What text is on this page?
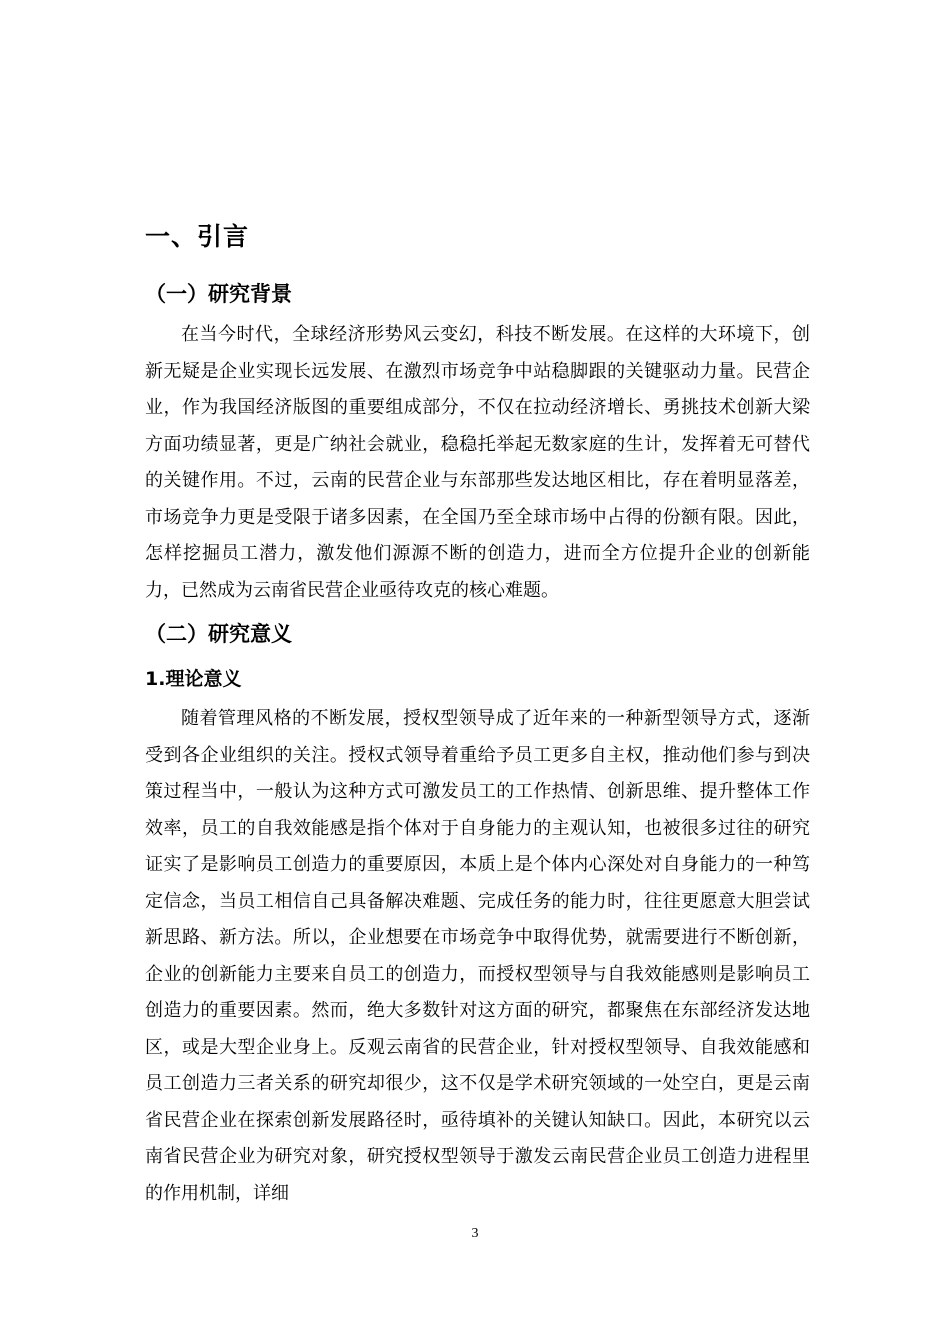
一、引言
（一）研究背景

在当今时代，全球经济形势风云变幻，科技不断发展。在这样的大环境下，创新无疑是企业实现长远发展、在激烈市场竞争中站稳脚跟的关键驱动力量。民营企业，作为我国经济版图的重要组成部分，不仅在拉动经济增长、勇挑技术创新大梁方面功绩显著，更是广纳社会就业，稳稳托举起无数家庭的生计，发挥着无可替代的关键作用。不过，云南的民营企业与东部那些发达地区相比，存在着明显落差，市场竞争力更是受限于诸多因素，在全国乃至全球市场中占得的份额有限。因此，怎样挖掘员工潜力，激发他们源源不断的创造力，进而全方位提升企业的创新能力，已然成为云南省民营企业亟待攻克的核心难题。

（二）研究意义
1.理论意义

随着管理风格的不断发展，授权型领导成了近年来的一种新型领导方式，逐渐受到各企业组织的关注。授权式领导着重给予员工更多自主权，推动他们参与到决策过程当中，一般认为这种方式可激发员工的工作热情、创新思维、提升整体工作效率，员工的自我效能感是指个体对于自身能力的主观认知，也被很多过往的研究证实了是影响员工创造力的重要原因，本质上是个体内心深处对自身能力的一种笃定信念，当员工相信自己具备解决难题、完成任务的能力时，往往更愿意大胆尝试新思路、新方法。所以，企业想要在市场竞争中取得优势，就需要进行不断创新，企业的创新能力主要来自员工的创造力，而授权型领导与自我效能感则是影响员工创造力的重要因素。然而，绝大多数针对这方面的研究，都聚焦在东部经济发达地区，或是大型企业身上。反观云南省的民营企业，针对授权型领导、自我效能感和员工创造力三者关系的研究却很少，这不仅是学术研究领域的一处空白，更是云南省民营企业在探索创新发展路径时，亟待填补的关键认知缺口。因此，本研究以云南省民营企业为研究对象，研究授权型领导于激发云南民营企业员工创造力进程里的作用机制，详细

3
